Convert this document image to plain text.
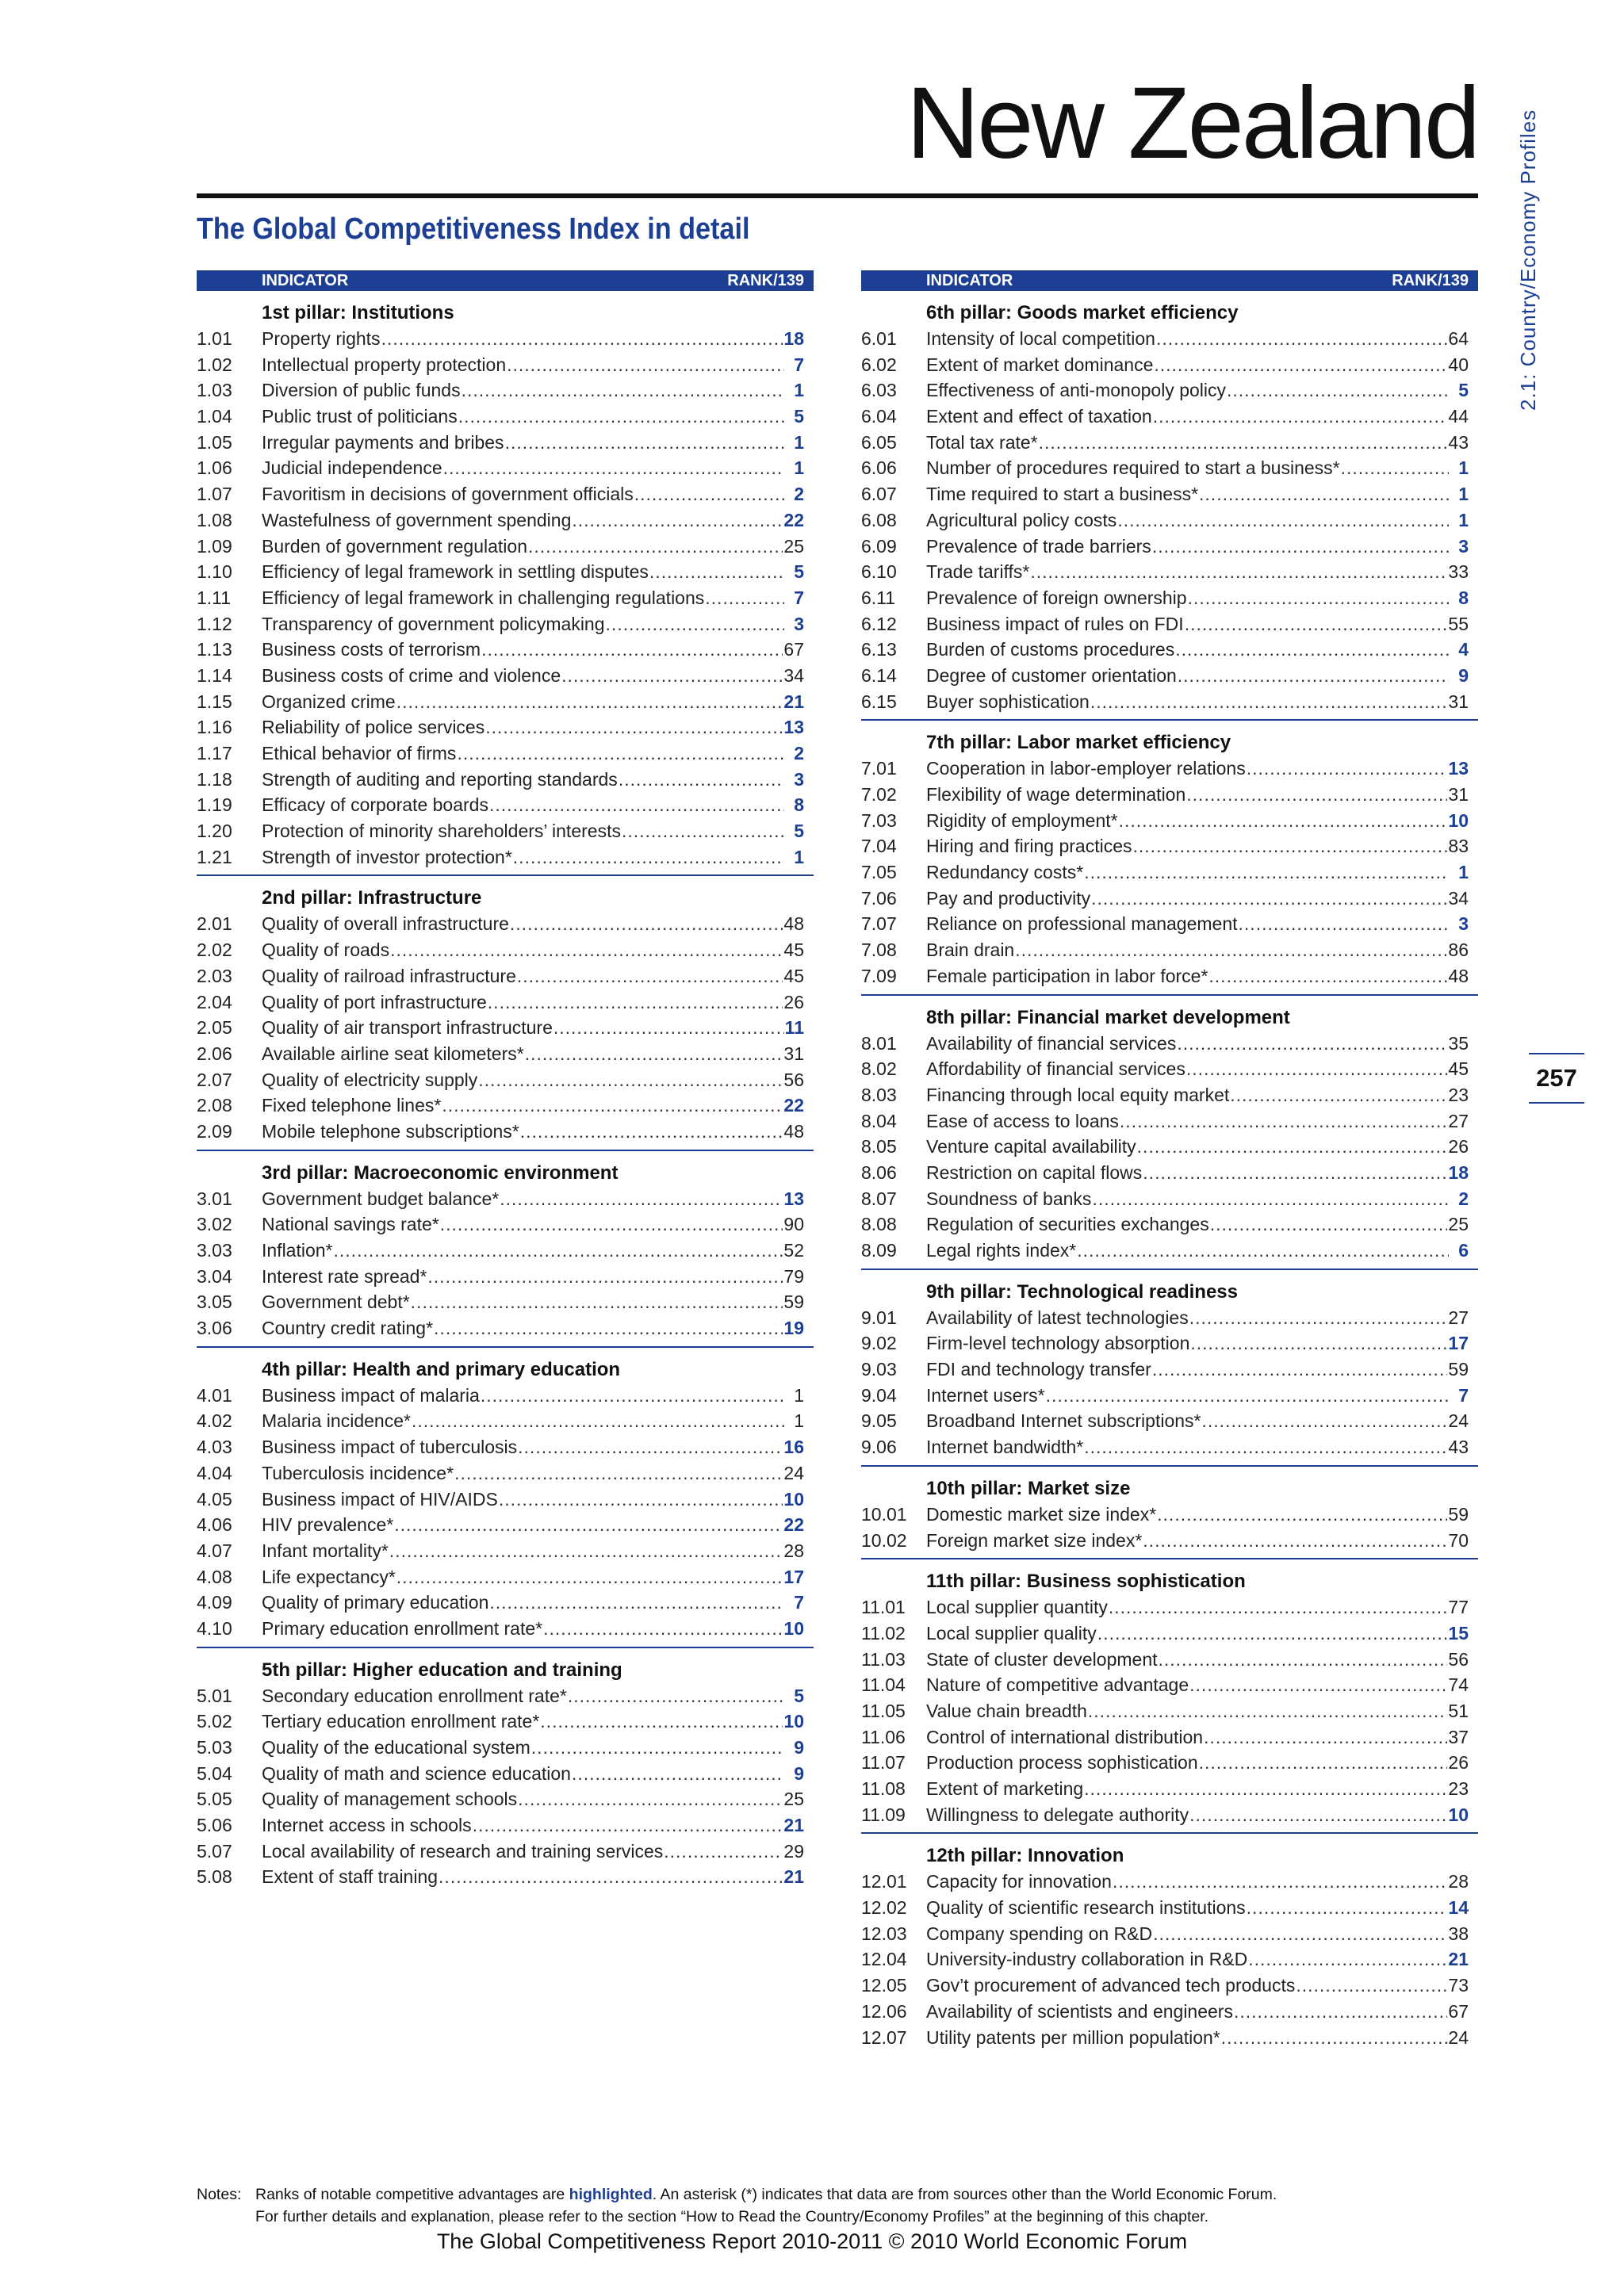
New Zealand
The Global Competitiveness Index in detail	2.1: Country/Economy Profiles
257
INDICATOR	RANK/139
1st pillar: Institutions
1.01	Property rights .....	18
1.02	Intellectual property protection .....	7
1.03	Diversion of public funds .....	1
1.04	Public trust of politicians .....	5
1.05	Irregular payments and bribes .....	1
1.06	Judicial independence .....	1
1.07	Favoritism in decisions of government officials .....	2
1.08	Wastefulness of government spending .....	22
1.09	Burden of government regulation .....	25
1.10	Efficiency of legal framework in settling disputes .....	5
1.11	Efficiency of legal framework in challenging regulations .....	7
1.12	Transparency of government policymaking .....	3
1.13	Business costs of terrorism .....	67
1.14	Business costs of crime and violence .....	34
1.15	Organized crime .....	21
1.16	Reliability of police services .....	13
1.17	Ethical behavior of firms .....	2
1.18	Strength of auditing and reporting standards .....	3
1.19	Efficacy of corporate boards .....	8
1.20	Protection of minority shareholders’ interests .....	5
1.21	Strength of investor protection* .....	1
2nd pillar: Infrastructure
2.01	Quality of overall infrastructure .....	48
2.02	Quality of roads .....	45
2.03	Quality of railroad infrastructure .....	45
2.04	Quality of port infrastructure .....	26
2.05	Quality of air transport infrastructure .....	11
2.06	Available airline seat kilometers* .....	31
2.07	Quality of electricity supply .....	56
2.08	Fixed telephone lines* .....	22
2.09	Mobile telephone subscriptions* .....	48
3rd pillar: Macroeconomic environment
3.01	Government budget balance* .....	13
3.02	National savings rate* .....	90
3.03	Inflation* .....	52
3.04	Interest rate spread* .....	79
3.05	Government debt* .....	59
3.06	Country credit rating* .....	19
4th pillar: Health and primary education
4.01	Business impact of malaria .....	1
4.02	Malaria incidence* .....	1
4.03	Business impact of tuberculosis .....	16
4.04	Tuberculosis incidence* .....	24
4.05	Business impact of HIV/AIDS .....	10
4.06	HIV prevalence* .....	22
4.07	Infant mortality* .....	28
4.08	Life expectancy* .....	17
4.09	Quality of primary education .....	7
4.10	Primary education enrollment rate* .....	10
5th pillar: Higher education and training
5.01	Secondary education enrollment rate* .....	5
5.02	Tertiary education enrollment rate* .....	10
5.03	Quality of the educational system .....	9
5.04	Quality of math and science education .....	9
5.05	Quality of management schools .....	25
5.06	Internet access in schools .....	21
5.07	Local availability of research and training services .....	29
5.08	Extent of staff training .....	21
INDICATOR	RANK/139
6th pillar: Goods market efficiency
6.01	Intensity of local competition .....	64
6.02	Extent of market dominance .....	40
6.03	Effectiveness of anti-monopoly policy .....	5
6.04	Extent and effect of taxation .....	44
6.05	Total tax rate* .....	43
6.06	Number of procedures required to start a business* .....	1
6.07	Time required to start a business* .....	1
6.08	Agricultural policy costs .....	1
6.09	Prevalence of trade barriers .....	3
6.10	Trade tariffs* .....	33
6.11	Prevalence of foreign ownership .....	8
6.12	Business impact of rules on FDI .....	55
6.13	Burden of customs procedures .....	4
6.14	Degree of customer orientation .....	9
6.15	Buyer sophistication .....	31
7th pillar: Labor market efficiency
7.01	Cooperation in labor-employer relations .....	13
7.02	Flexibility of wage determination .....	31
7.03	Rigidity of employment* .....	10
7.04	Hiring and firing practices .....	83
7.05	Redundancy costs* .....	1
7.06	Pay and productivity .....	34
7.07	Reliance on professional management .....	3
7.08	Brain drain .....	86
7.09	Female participation in labor force* .....	48
8th pillar: Financial market development
8.01	Availability of financial services .....	35
8.02	Affordability of financial services .....	45
8.03	Financing through local equity market .....	23
8.04	Ease of access to loans .....	27
8.05	Venture capital availability .....	26
8.06	Restriction on capital flows .....	18
8.07	Soundness of banks .....	2
8.08	Regulation of securities exchanges .....	25
8.09	Legal rights index* .....	6
9th pillar: Technological readiness
9.01	Availability of latest technologies .....	27
9.02	Firm-level technology absorption .....	17
9.03	FDI and technology transfer .....	59
9.04	Internet users* .....	7
9.05	Broadband Internet subscriptions* .....	24
9.06	Internet bandwidth* .....	43
10th pillar: Market size
10.01	Domestic market size index* .....	59
10.02	Foreign market size index* .....	70
11th pillar: Business sophistication
11.01	Local supplier quantity .....	77
11.02	Local supplier quality .....	15
11.03	State of cluster development .....	56
11.04	Nature of competitive advantage .....	74
11.05	Value chain breadth .....	51
11.06	Control of international distribution .....	37
11.07	Production process sophistication .....	26
11.08	Extent of marketing .....	23
11.09	Willingness to delegate authority .....	10
12th pillar: Innovation
12.01	Capacity for innovation .....	28
12.02	Quality of scientific research institutions .....	14
12.03	Company spending on R&D .....	38
12.04	University-industry collaboration in R&D .....	21
12.05	Gov’t procurement of advanced tech products .....	73
12.06	Availability of scientists and engineers .....	67
12.07	Utility patents per million population* .....	24
Notes: Ranks of notable competitive advantages are highlighted. An asterisk (*) indicates that data are from sources other than the World Economic Forum.
For further details and explanation, please refer to the section “How to Read the Country/Economy Profiles” at the beginning of this chapter.
The Global Competitiveness Report 2010-2011 © 2010 World Economic Forum
